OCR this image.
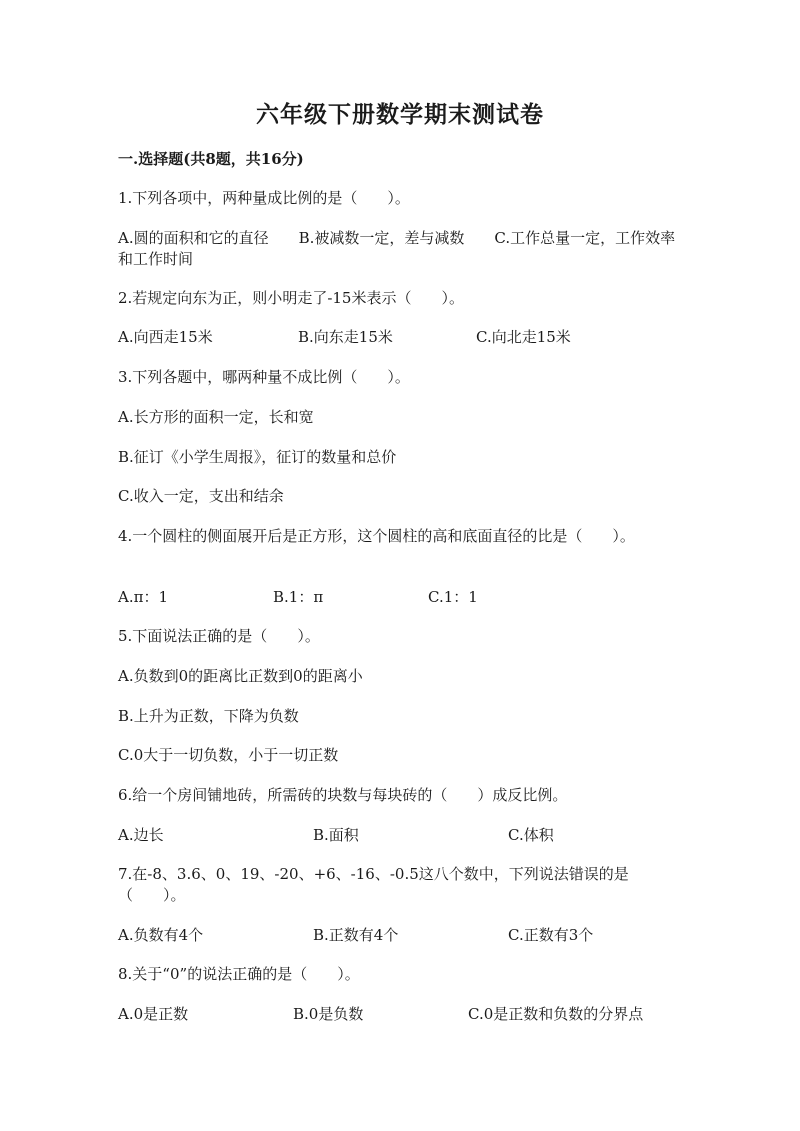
六年级下册数学期末测试卷
一.选择题(共8题，共16分)
1.下列各项中，两种量成比例的是（　　）。
A.圆的面积和它的直径　　B.被减数一定，差与减数　　C.工作总量一定，工作效率和工作时间
2.若规定向东为正，则小明走了-15米表示（　　）。
A.向西走15米	B.向东走15米	C.向北走15米
3.下列各题中，哪两种量不成比例（　　）。
A.长方形的面积一定，长和宽
B.征订《小学生周报》，征订的数量和总价
C.收入一定，支出和结余
4.一个圆柱的侧面展开后是正方形，这个圆柱的高和底面直径的比是（　　）。
A.π：1	B.1：π	C.1：1
5.下面说法正确的是（　　）。
A.负数到0的距离比正数到0的距离小
B.上升为正数，下降为负数
C.0大于一切负数，小于一切正数
6.给一个房间铺地砖，所需砖的块数与每块砖的（　　）成反比例。
A.边长	B.面积	C.体积
7.在-8、3.6、0、19、-20、+6、-16、-0.5这八个数中，下列说法错误的是（　　）。
A.负数有4个	B.正数有4个	C.正数有3个
8.关于“0”的说法正确的是（　　）。
A.0是正数	B.0是负数	C.0是正数和负数的分界点
